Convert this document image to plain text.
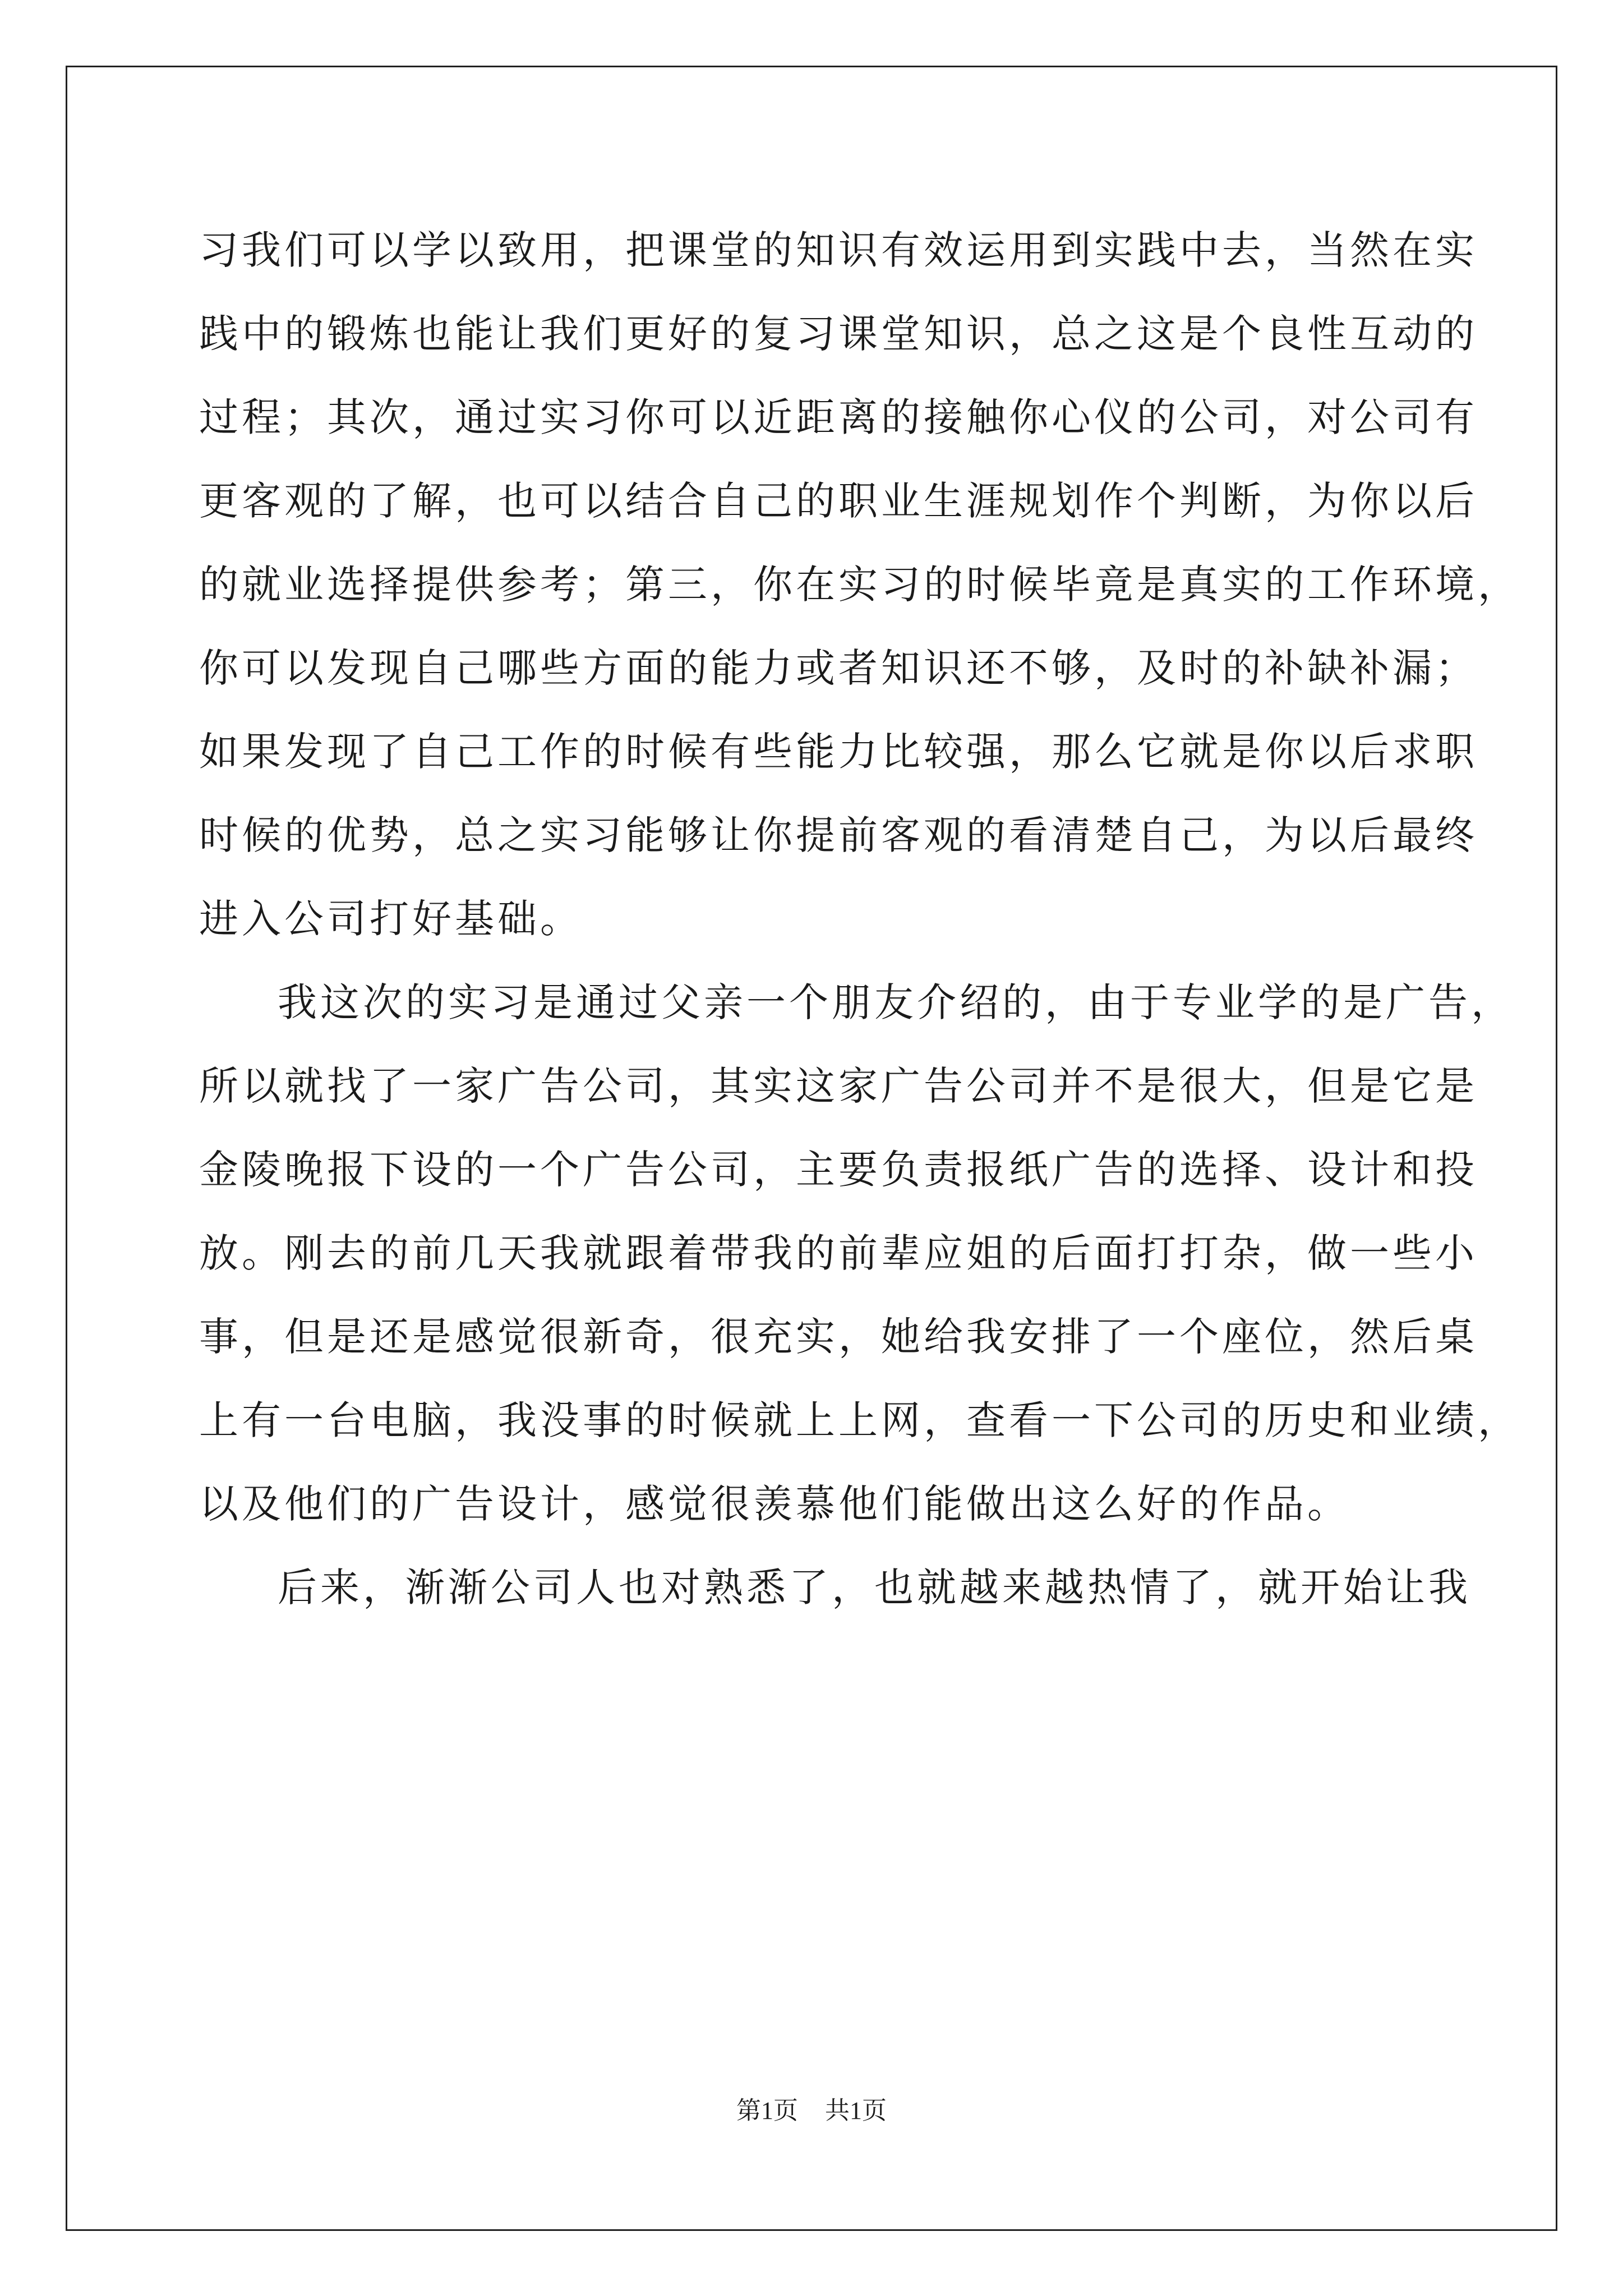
习我们可以学以致用，把课堂的知识有效运用到实践中去，当然在实
践中的锻炼也能让我们更好的复习课堂知识，总之这是个良性互动的
过程；其次，通过实习你可以近距离的接触你心仪的公司，对公司有
更客观的了解，也可以结合自己的职业生涯规划作个判断，为你以后
的就业选择提供参考；第三，你在实习的时候毕竟是真实的工作环境，
你可以发现自己哪些方面的能力或者知识还不够，及时的补缺补漏；
如果发现了自己工作的时候有些能力比较强，那么它就是你以后求职
时候的优势，总之实习能够让你提前客观的看清楚自己，为以后最终
进入公司打好基础。
我这次的实习是通过父亲一个朋友介绍的，由于专业学的是广告，
所以就找了一家广告公司，其实这家广告公司并不是很大，但是它是
金陵晚报下设的一个广告公司，主要负责报纸广告的选择、设计和投
放。刚去的前几天我就跟着带我的前辈应姐的后面打打杂，做一些小
事，但是还是感觉很新奇，很充实，她给我安排了一个座位，然后桌
上有一台电脑，我没事的时候就上上网，查看一下公司的历史和业绩，
以及他们的广告设计，感觉很羡慕他们能做出这么好的作品。
后来，渐渐公司人也对熟悉了，也就越来越热情了，就开始让我
第1页 共1页
